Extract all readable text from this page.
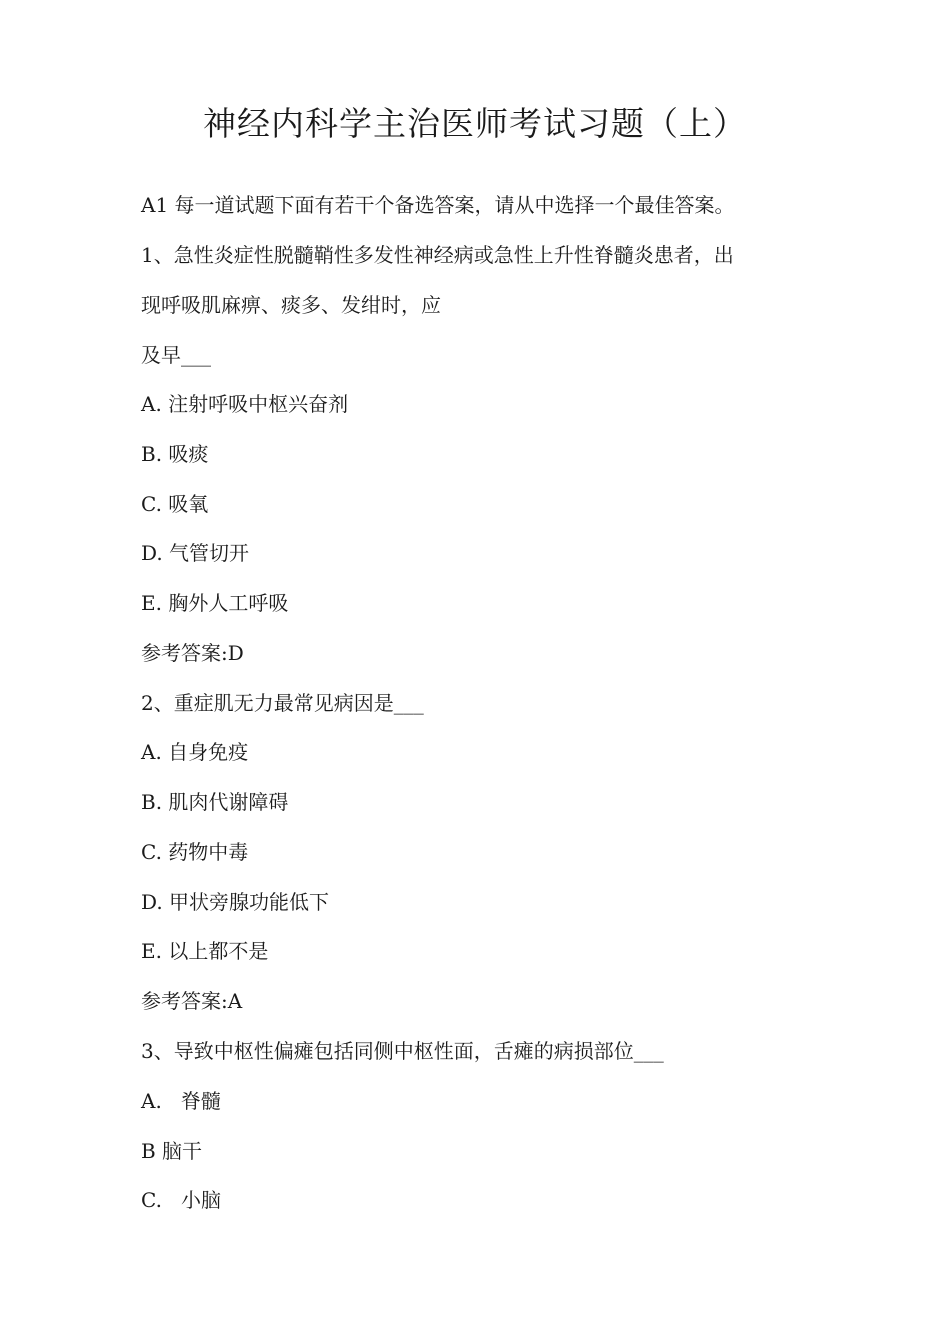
神经内科学主治医师考试习题（上）

A1 每一道试题下面有若干个备选答案，请从中选择一个最佳答案。

1、急性炎症性脱髓鞘性多发性神经病或急性上升性脊髓炎患者，出

现呼吸肌麻痹、痰多、发绀时，应

及早___

A. 注射呼吸中枢兴奋剂

B. 吸痰

C. 吸氧

D. 气管切开

E. 胸外人工呼吸

参考答案:D

2、重症肌无力最常见病因是___

A. 自身免疫

B. 肌肉代谢障碍

C. 药物中毒

D. 甲状旁腺功能低下

E. 以上都不是

参考答案:A

3、导致中枢性偏瘫包括同侧中枢性面，舌瘫的病损部位___

A.   脊髓

B 脑干

C.   小脑
